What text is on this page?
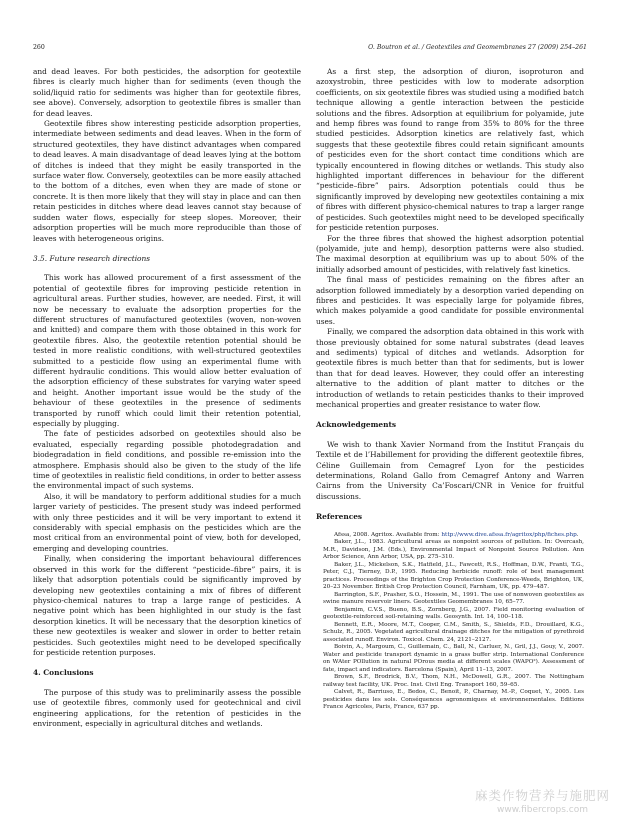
260	O. Boutron et al. / Geotextiles and Geomembranes 27 (2009) 254–261

and dead leaves. For both pesticides, the adsorption for geotextile fibres is clearly much higher than for sediments (even though the solid/liquid ratio for sediments was higher than for geotextile fibres, see above). Conversely, adsorption to geotextile fibres is smaller than for dead leaves.

Geotextile fibres show interesting pesticide adsorption properties, intermediate between sediments and dead leaves. When in the form of structured geotextiles, they have distinct advantages when compared to dead leaves. A main disadvantage of dead leaves lying at the bottom of ditches is indeed that they might be easily transported in the surface water flow. Conversely, geotextiles can be more easily attached to the bottom of a ditches, even when they are made of stone or concrete. It is then more likely that they will stay in place and can then retain pesticides in ditches where dead leaves cannot stay because of sudden water flows, especially for steep slopes. Moreover, their adsorption properties will be much more reproducible than those of leaves with heterogeneous origins.

3.5. Future research directions

This work has allowed procurement of a first assessment of the potential of geotextile fibres for improving pesticide retention in agricultural areas. Further studies, however, are needed. First, it will now be necessary to evaluate the adsorption properties for the different structures of manufactured geotextiles (woven, non-woven and knitted) and compare them with those obtained in this work for geotextile fibres. Also, the geotextile retention potential should be tested in more realistic conditions, with well-structured geotextiles submitted to a pesticide flow using an experimental flume with different hydraulic conditions. This would allow better evaluation of the adsorption efficiency of these substrates for varying water speed and height. Another important issue would be the study of the behaviour of these geotextiles in the presence of sediments transported by runoff which could limit their retention potential, especially by plugging.

The fate of pesticides adsorbed on geotextiles should also be evaluated, especially regarding possible photodegradation and biodegradation in field conditions, and possible re-emission into the atmosphere. Emphasis should also be given to the study of the life time of geotextiles in realistic field conditions, in order to better assess the environmental impact of such systems.

Also, it will be mandatory to perform additional studies for a much larger variety of pesticides. The present study was indeed performed with only three pesticides and it will be very important to extend it considerably with special emphasis on the pesticides which are the most critical from an environmental point of view, both for developed, emerging and developing countries.

Finally, when considering the important behavioural differences observed in this work for the different “pesticide–fibre” pairs, it is likely that adsorption potentials could be significantly improved by developing new geotextiles containing a mix of fibres of different physico-chemical natures to trap a large range of pesticides. A negative point which has been highlighted in our study is the fast desorption kinetics. It will be necessary that the desorption kinetics of these new geotextiles is weaker and slower in order to better retain pesticides. Such geotextiles might need to be developed specifically for pesticide retention purposes.

4. Conclusions

The purpose of this study was to preliminarily assess the possible use of geotextile fibres, commonly used for geotechnical and civil engineering applications, for the retention of pesticides in the environment, especially in agricultural ditches and wetlands.

As a first step, the adsorption of diuron, isoproturon and azoxystrobin, three pesticides with low to moderate adsorption coefficients, on six geotextile fibres was studied using a modified batch technique allowing a gentle interaction between the pesticide solutions and the fibres. Adsorption at equilibrium for polyamide, jute and hemp fibres was found to range from 35% to 80% for the three studied pesticides. Adsorption kinetics are relatively fast, which suggests that these geotextile fibres could retain significant amounts of pesticides even for the short contact time conditions which are typically encountered in flowing ditches or wetlands. This study also highlighted important differences in behaviour for the different “pesticide–fibre” pairs. Adsorption potentials could thus be significantly improved by developing new geotextiles containing a mix of fibres with different physico-chemical natures to trap a larger range of pesticides. Such geotextiles might need to be developed specifically for pesticide retention purposes.

For the three fibres that showed the highest adsorption potential (polyamide, jute and hemp), desorption patterns were also studied. The maximal desorption at equilibrium was up to about 50% of the initially adsorbed amount of pesticides, with relatively fast kinetics.

The final mass of pesticides remaining on the fibres after an adsorption followed immediately by a desorption varied depending on fibres and pesticides. It was especially large for polyamide fibres, which makes polyamide a good candidate for possible environmental uses.

Finally, we compared the adsorption data obtained in this work with those previously obtained for some natural substrates (dead leaves and sediments) typical of ditches and wetlands. Adsorption for geotextile fibres is much better than that for sediments, but is lower than that for dead leaves. However, they could offer an interesting alternative to the addition of plant matter to ditches or the introduction of wetlands to retain pesticides thanks to their improved mechanical properties and greater resistance to water flow.

Acknowledgements

We wish to thank Xavier Normand from the Institut Français du Textile et de l’Habillement for providing the different geotextile fibres, Céline Guillemain from Cemagref Lyon for the pesticides determinations, Roland Gallo from Cemagref Antony and Warren Cairns from the University Ca’Foscari/CNR in Venice for fruitful discussions.

References

Afssa, 2008. Agritox. Available from: http://www.dive.afssa.fr/agritox/php/fiches.php.

Baker, J.L., 1983. Agricultural areas as nonpoint sources of pollution. In: Overcash, M.R., Davidson, J.M. (Eds.), Environmental Impact of Nonpoint Source Pollution. Ann Arbor Science, Ann Arbor, USA, pp. 275–310.

Baker, J.L., Mickelson, S.K., Hatfield, J.L., Fawcett, R.S., Hoffman, D.W., Franti, T.G., Peter, C.J., Tierney, D.P., 1995. Reducing herbicide runoff: role of best management practices. Proceedings of the Brighton Crop Protection Conference-Weeds, Brighton, UK, 20–23 November. British Crop Protection Council, Farnham, UK, pp. 479–487.

Barrington, S.F., Prasher, S.O., Hossein, M., 1991. The use of nonwoven geotextiles as swine manure reservoir liners. Geotextiles Geomembranes 10, 65–77.

Benjamim, C.V.S., Bueno, B.S., Zornberg, J.G., 2007. Field monitoring evaluation of geotextile-reinforced soil-retaining walls. Geosynth. Int. 14, 100–118.

Bennett, E.R., Moore, M.T., Cooper, C.M., Smith, S., Shields, F.D., Drouillard, K.G., Schulz, R., 2005. Vegetated agricultural drainage ditches for the mitigation of pyrethroid associated runoff. Environ. Toxicol. Chem. 24, 2121–2127.

Boivin, A., Margoum, C., Guillemain, C., Ball, N., Carluer, N., Gril, J.J., Gouy, V., 2007. Water and pesticide transport dynamic in a grass buffer strip. International Conference on WAter POllution in natural POrous media at different scales (WAPO²). Assessment of fate, impact and indicators. Barcelona (Spain), April 11–13, 2007.

Brown, S.F., Brodrick, B.V., Thom, N.H., McDowell, G.R., 2007. The Nottingham railway test facility, UK. Proc. Inst. Civil Eng. Transport 160, 59–65.

Calvet, R., Barriuso, E., Bedos, C., Benoit, P., Charnay, M.-P., Coquet, Y., 2005. Les pesticides dans les sols. Conséquences agronomiques et environnementales. Editions France Agricoles, Paris, France, 637 pp.

麻类作物营养与施肥网
www.fibercrops.com
